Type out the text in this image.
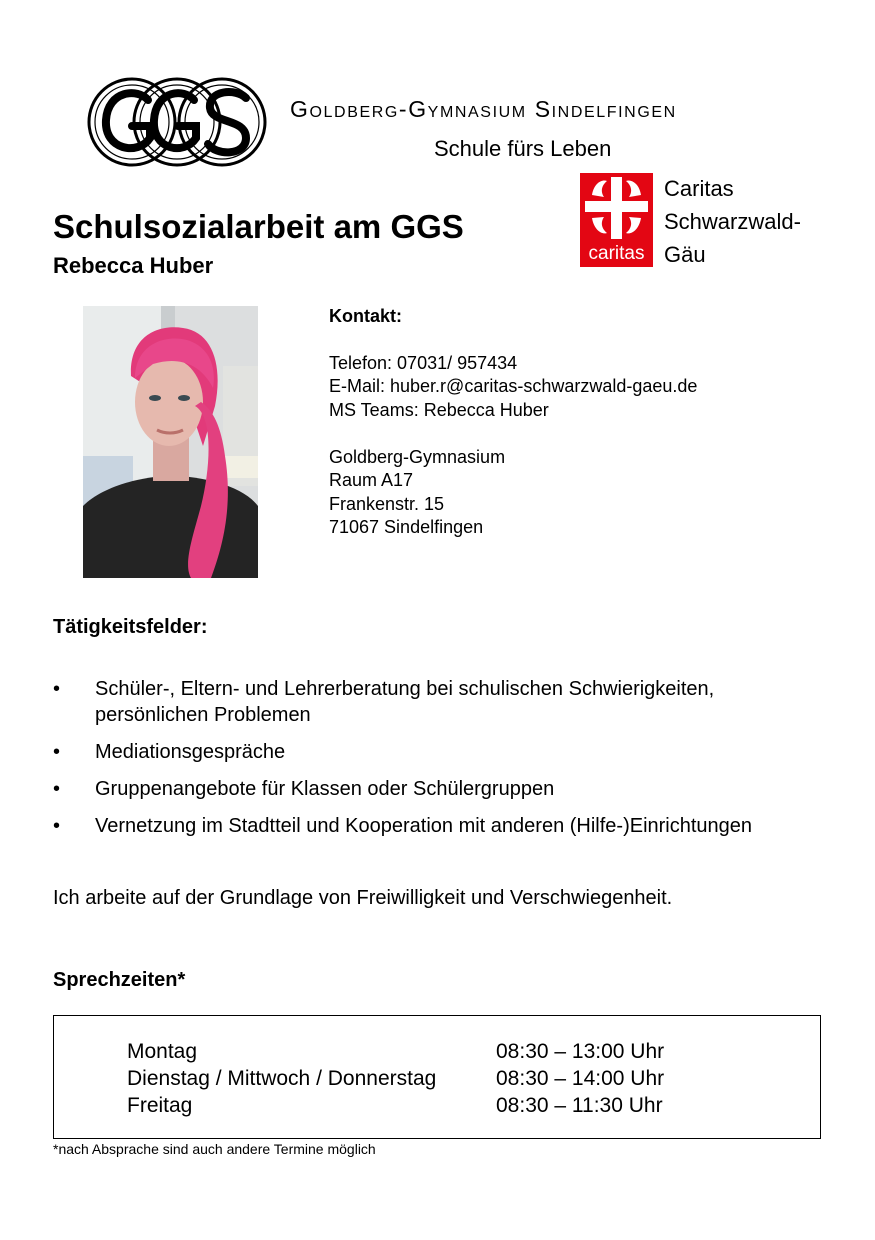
Goldberg-Gymnasium Sindelfingen
Schule fürs Leben
caritas
Caritas
Schwarzwald-
Gäu
Schulsozialarbeit am GGS
Rebecca Huber
Kontakt:
Telefon: 07031/ 957434
E-Mail: huber.r@caritas-schwarzwald-gaeu.de
MS Teams: Rebecca Huber
Goldberg-Gymnasium
Raum A17
Frankenstr. 15
71067 Sindelfingen
Tätigkeitsfelder:
• Schüler-, Eltern- und Lehrerberatung bei schulischen Schwierigkeiten, persönlichen Problemen
• Mediationsgespräche
• Gruppenangebote für Klassen oder Schülergruppen
• Vernetzung im Stadtteil und Kooperation mit anderen (Hilfe-)Einrichtungen
Ich arbeite auf der Grundlage von Freiwilligkeit und Verschwiegenheit.
Sprechzeiten*
Montag	08:30 – 13:00 Uhr
Dienstag / Mittwoch / Donnerstag	08:30 – 14:00 Uhr
Freitag	08:30 – 11:30 Uhr
*nach Absprache sind auch andere Termine möglich
